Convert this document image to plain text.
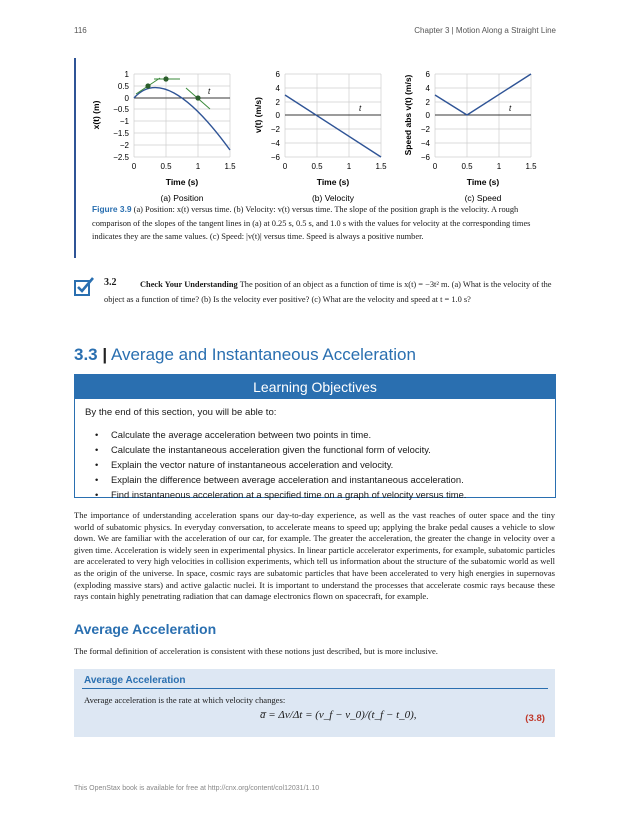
116	Chapter 3 | Motion Along a Straight Line
t
1
0.5
0
−0.5
−1
−1.5
−2
−2.5
0	0.5	1	1.5
Time (s)
x(t) (m)
(a) Position
t
6
4
2
0
−2
−4
−6
0	0.5	1	1.5
Time (s)
v(t) (m/s)
(b) Velocity
t
6
4
2
0
−2
−4
−6
0	0.5	1	1.5
Time (s)
Speed abs v(t) (m/s)
(c) Speed
Figure 3.9 (a) Position: x(t) versus time. (b) Velocity: v(t) versus time. The slope of the position graph is the velocity. A rough comparison of the slopes of the tangent lines in (a) at 0.25 s, 0.5 s, and 1.0 s with the values for velocity at the corresponding times indicates they are the same values. (c) Speed: |v(t)| versus time. Speed is always a positive number.
3.2	Check Your Understanding The position of an object as a function of time is x(t) = −3t² m. (a) What is the velocity of the object as a function of time? (b) Is the velocity ever positive? (c) What are the velocity and speed at t = 1.0 s?
3.3 | Average and Instantaneous Acceleration
Learning Objectives
By the end of this section, you will be able to:
• Calculate the average acceleration between two points in time.
• Calculate the instantaneous acceleration given the functional form of velocity.
• Explain the vector nature of instantaneous acceleration and velocity.
• Explain the difference between average acceleration and instantaneous acceleration.
• Find instantaneous acceleration at a specified time on a graph of velocity versus time.
The importance of understanding acceleration spans our day-to-day experience, as well as the vast reaches of outer space and the tiny world of subatomic physics. In everyday conversation, to accelerate means to speed up; applying the brake pedal causes a vehicle to slow down. We are familiar with the acceleration of our car, for example. The greater the acceleration, the greater the change in velocity over a given time. Acceleration is widely seen in experimental physics. In linear particle accelerator experiments, for example, subatomic particles are accelerated to very high velocities in collision experiments, which tell us information about the structure of the subatomic world as well as the origin of the universe. In space, cosmic rays are subatomic particles that have been accelerated to very high energies in supernovas (exploding massive stars) and active galactic nuclei. It is important to understand the processes that accelerate cosmic rays because these rays contain highly penetrating radiation that can damage electronics flown on spacecraft, for example.
Average Acceleration
The formal definition of acceleration is consistent with these notions just described, but is more inclusive.
Average Acceleration
Average acceleration is the rate at which velocity changes:
a̅ = Δv/Δt = (v_f − v_0)/(t_f − t_0),	(3.8)
This OpenStax book is available for free at http://cnx.org/content/col12031/1.10
